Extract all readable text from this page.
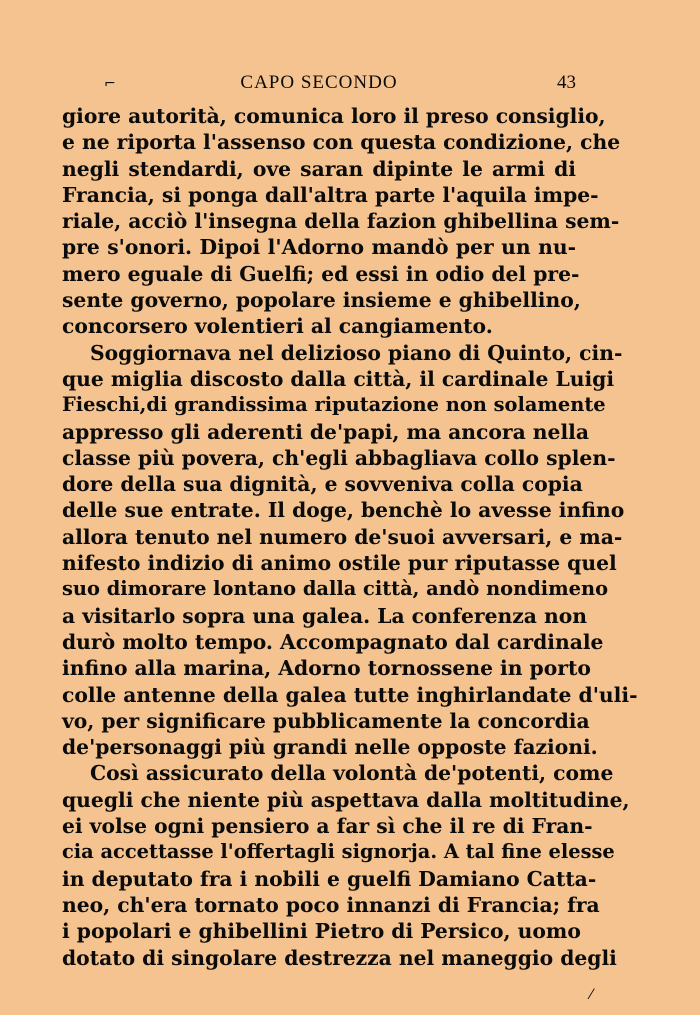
⌐	CAPO SECONDO	43
giore autorità, comunica loro il preso consiglio,
e ne riporta l'assenso con questa condizione, che
negli stendardi, ove saran dipinte le armi di
Francia, si ponga dall'altra parte l'aquila impe-
riale, acciò l'insegna della fazion ghibellina sem-
pre s'onori. Dipoi l'Adorno mandò per un nu-
mero eguale di Guelfi; ed essi in odio del pre-
sente governo, popolare insieme e ghibellino,
concorsero volentieri al cangiamento.
Soggiornava nel delizioso piano di Quinto, cin-
que miglia discosto dalla città, il cardinale Luigi
Fieschi,di grandissima riputazione non solamente
appresso gli aderenti de'papi, ma ancora nella
classe più povera, ch'egli abbagliava collo splen-
dore della sua dignità, e sovveniva colla copia
delle sue entrate. Il doge, benchè lo avesse infino
allora tenuto nel numero de'suoi avversari, e ma-
nifesto indizio di animo ostile pur riputasse quel
suo dimorare lontano dalla città, andò nondimeno
a visitarlo sopra una galea. La conferenza non
durò molto tempo. Accompagnato dal cardinale
infino alla marina, Adorno tornossene in porto
colle antenne della galea tutte inghirlandate d'uli-
vo, per significare pubblicamente la concordia
de'personaggi più grandi nelle opposte fazioni.
Così assicurato della volontà de'potenti, come
quegli che niente più aspettava dalla moltitudine,
ei volse ogni pensiero a far sì che il re di Fran-
cia accettasse l'offertagli signorja. A tal fine elesse
in deputato fra i nobili e guelfi Damiano Catta-
neo, ch'era tornato poco innanzi di Francia; fra
i popolari e ghibellini Pietro di Persico, uomo
dotato di singolare destrezza nel maneggio degli
⁄
